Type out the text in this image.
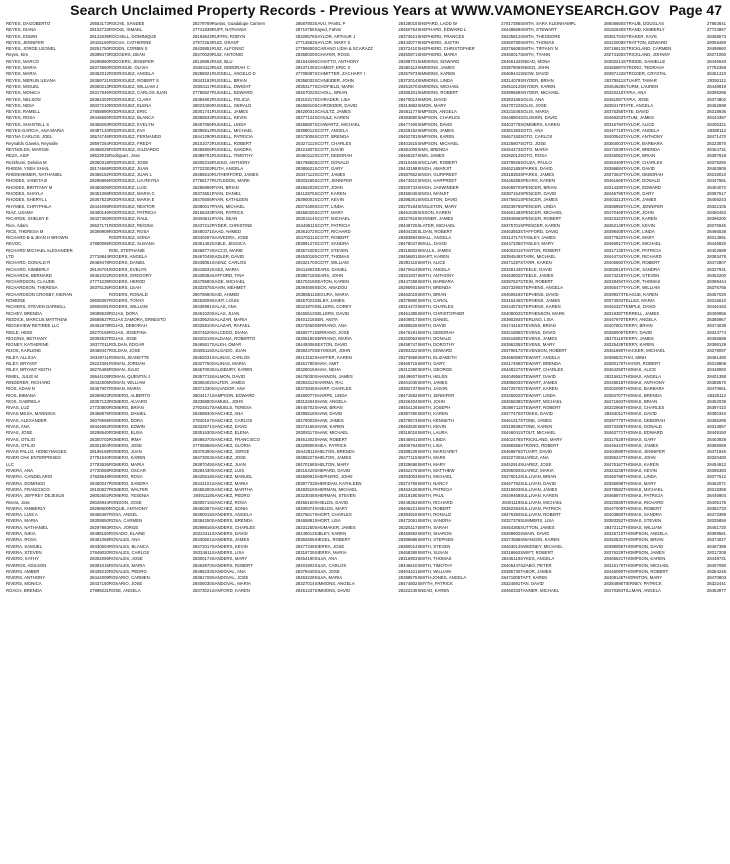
Search Unclaimed Property Records - Previous Years at WWW.VAMONEYSEARCH.GOV Page 47
REYES, DAGOBERTO	28553173
REYES, DIANA	28102733
REYES, EDWIN	28122639
REYES, JENNIFER	28181150
REYES, JORGE LEONEL	28251750
Reyes, Kim	28398473
REYES, MARCO	28288860
REYES, MARIA	28373860
REYES, MARIA	28452012
REYES, MERLIN ILEANA	28358721
REYES, MIGUEL	28360213
REYES, MONICA	28317945
REYES, NELSON	28384302
REYES, NIDIA	28327210
REYES, RAMELL	27858890
REYES, ROSA	28448650
REYES, SHANTELL S	28459293
REYES-GARCIA, ANA MARIA	28487134
REYNA CARLOS, JOEL	28574746
Reynalds Gavela, Reynalle	28597264
REYNOLDS, MARGIE	28458029
REZA, ASIF	28523015
Rezkhumi, Delsina M	28360318
RHEEM, YSEH SHAIL	28174669
RHEINHEIMER, NATHANIEL	28468152
RHODES, VANETA B	28296866
RHODES, BRITTANY M	28450506
RHODES, SHAYLA	28451058
RHODES, SHERYL L	28367523
RHYMES, CHRYPHILA	28444098
RIAZ, USAMA	28490146
RICARDE, SHELBY E	28427350
Rice, Adam	28627171
RICE, THERESA M	28369908
RICHARD B & JEAN H BROWN
REVOC	27880086
RICHARD MICHAEL ALEXANDER
LTD	27719844
RICHARD, DONALD R	28469478
RICHARD, KIMBERLY	28129701
RICHARDS, BERNARD	28451022
RICHARDSON, CLAUDE	27774239
RICHARDSON, THERESA	28375136
RICHARDSON CROSBY, KIERAN
ROMONE	28608387
RICHERS, STEVEN DARNELL	28608281
RICHEY, BRENDA	28088528
RIDDICK, MARCUS MATTHEW	28588837
RIDGEVIEW RETIREE LLC	28454878
RIDLE, HEIDI	28270159
RIGGINS, BETHANY	28393537
RIGNEY, KATHERINE	28377011
RIJOS, KARLENE	28468447
RILEY, ALLICIA	28349711
RILEY, BRYANT	28223381
RILEY, BRYANT KEITH	28276465
RIMEL, JULIE M	28644108
RINDERER, RICHARD	28442505
RIOS, ADAN N	28467907
RIOS, BIBIANA	28369823
RIOS, GABRIELA	28357123
RIVAS, LUZ	27720800
RIVAS MEJIA, MANNIXIA	28468876
RIVAS, ALEXANDER	28079565
RIVAS, ANA	28444652
RIVAS, JOSE	28288640
RIVAS, OTILIO	28300702
RIVAS, OTILIO	28301804
RIVAS PALLO, HONEYMAGES	28199158
RIVER OAK ENTERPRISES	27781540
LLC	27783836
RIVERA, ANA	27720068
RIVERA, CANDELARIO	27829548
RIVERA, DOMINGO	28450047
RIVERA, FRANCISCO	28100827
RIVERA, JEFFREY DEJESUS	28002602
Rivera, Jose	28026944
RIVERA, KIMBERLY	28298600
RIVERA, LUIS A	28456487
RIVERA, MARIA	28308850
RIVERA, NATHANIEL	28297863
RIVERA, NIKIA	28498150
RIVERA, ROSA	28491068
RIVERA, SAMUEL	28430604
RIVERA, STEVEN	27849020
RIVERO, KATHY	28302069
RIVEROS, ADILSON	28381016
RIVERS, AMBER	28439210
RIVERS, ANTHONY	28444009
RIVERS, MONICA	28437150
ROACH, BRENDA	27998231
ROCHE, SANDEE	28279769
ROCKE, ISMAEL	27741838
ROCHELL, DOMINIQUE	28193843
ROCHA, CATHERINE	27972263
RODEN, CORBIN S	28428851
RODGERS, DEAN	28470029
RODGERS, JENNIFER	28128862
RODRIGUE, OLIVIA	28384113
RODRIGUEZ, ANGELA	28288821
RODRIGUEZ, ROBERT S	28343192
RODRIGUEZ, WILLIAM J	28384117
RODRIGUEZ, CARLOS JUAN	27785927
RODRIGUEZ, CLARA	28384802
RODRIGUEZ, ELENA	28023406
RODRIGUEZ, ERIC	28301741
RODRIGUEZ, BLANCA	28358533
RODRIGUEZ, EVELYN	28467056
RODRIGUEZ, EVA	28395812
RODRIGUEZ, FERNANDO	28441290
RODRIGUEZ, FREDY	28101072
RODRIGUEZ, GILDARDO	28468806
Rodriguez, Jose	28389701
RODRIGUEZ, JOSE	28406315
RODRIGUEZ, JUAN	27722303
RODRIGUEZ, JUAN L	28485510
RODRIGUEZ, LIA REYNA	27756177
RODRIGUEZ, LUIS	28285866
RODRIGUEZ, MARIA C	28372651
RODRIGUEZ, MARIA E	28475606
RODRIGUEZ, NESTOR	28390017
RODRIGUEZ, PATRICIA	28158433
RODRIGUEZ, RAUL	28494611
RODRIGUEZ, REGINA	28437212
RODRIGUEZ, ROSA	28480371
RODRIGUEZ, SONIA	28340287
RODRIGUEZ, SUSANA	28351462
ROE, STEPHANIE	28468774
ROGERS, ANGELA	28467049
ROGERS, DANIEL	28438051
ROGERS, EVELYN	28418532
ROGERS, GREGORY	28435084
ROGERS, HEROD	28478580
ROGERS, LEAH	28332875
ROGERS, RONALD	28078660
ROGERS, TONYA	28263009
ROGERS, WILLIAM	28436981
ROJAS, DORA	28461020
ROJAS ZAMORA, ERNESTO	28439625
ROJAS, DEBORAH	28325810
ROJAS, JOSEFINA	28374620
ROJAS, JOSE	28420218
ROLDAN, EDGAR	28465817
ROLDAN, JOSE	28485116
ROMAN, JEANETTE	28452031
ROMAN, JORDAN	28327750
ROMAN, JULIO	28467003
ROMAN, QUENTIN J	28357715
ROMAN, WILLIAM	28308402
ROMAN, MARIA	28371330
ROMERO, ALBERTO	28044171
ROMERO, ALVARO	28336880
ROMERO, BRIAN	27924817
ROMERO, DANIEL	28458830
ROMERO, DORA	27830167
ROMERO, EDWIN	28332671
ROMERO, ELISA	28351630
ROMERO, IRMA	28486370
ROMERO, JOSE	27705866
ROMERO, JUAN	28376390
ROMERO, KAREN	28473003
ROMERO, MARIA	28387045
ROMERO, OSCAR	28284430
ROMERO, ROSA	28425618
ROMERO, SANDRA	28442101
ROMERO, WALTER	28455300
ROMERO, YESENIA	28491118
RONDON, JOSE	28305716
ROQUE, ANTHONY	28460287
ROSA, ANGEL	28490015
ROSA, CARMEN	28384250
ROSA, JORGE	28298816
ROSADO, ELAINE	28322411
ROSALES, ANA	28430601
ROSALES, BLANCA	28472017
ROSALES, CARLOS	28324611
ROSALES, JOSE	28300174
ROSALES, MARIA	28463870
ROSALES, PEDRO	28495233
ROSARIO, CARMEN	28381708
ROSARIO, JOSE	28406030
ROSE, ANGELA	28373021
Ruelas, Guadalupe Carmen	28587803
RUFF, NATHANIA	28710755
RUFFIN, ROBYN	28328578
RUIZ, GRANT	27713563
RUIZ, ALFONSO	27756850
RUIZ, ANTONIO	28358029
RUIZ, BLU	28164449
RUIZ, DEBORAH C	28437145
RUSSELL, ANGELO D	27708087
RUSSELL, BRIAN	28358032
RUSSELL, DWIGHT	28353177
RUSSELL, EDWARD	28467022
RUSSELL, FELICIA	28310217
RUSSELL, GERALD	28465910
RUSSELL, JAMES	28420031
RUSSELL, KEVIN	28377124
RUSSELL, LINDA	28458807
RUSSELL, MICHAEL	28399012
RUSSELL, PATRICIA	28373006
RUSSELL, ROBERT	28327112
RUSSELL, SANDRA	28421807
RUSSELL, TIMOTHY	28460112
RUSSO, ANTHONY	28478850
RUTH, ANGELA	28380621
RUTHERFORD, JAMES	28347113
RUTLEDGE, MARK	28303260
RYAN, BRIAN	28465203
RYAN, DANIEL	28412875
RYAN, KATHLEEN	28390001
RYAN, MICHAEL	28374408
RYAN, PATRICK	28458320
RYAN, SEAN	28304114
RYDER, CHRISTINE	28449911
SAAD, AHMED	28361072
SAAVEDRA, JOSE	28470211
SABLE, JESSICA	28399127
SACCO, MARIE	28367220
SADLER, DAVID	28453018
SAENZ, CARLOS	28332170
SAEZ, MARIA	28411862
SAFFORD, TINA	28380716
SAGE, MICHAEL	28470319
SAHIN, MEHMET	28394508
SAID, AHMED	28388511
SAINT, LOUIS	28457022
SALAS, ANA	28321870
SALAS, JUAN	28465513
SALAZAR, MARIA	28401216
SALAZAR, RAFAEL	28372650
SALCEDO, DIANA	28480771
SALDANA, ROBERTO	28305190
SALEH, OMAR	28449306
SALGADO, JUAN	28384470
SALINAS, CARLOS	28413152
SALINAS, MARIA	28461780
SALISBURY, KAREN	28328016
SALMON, DAVID	28476030
SALTER, JAMES	28393312
SALVADOR, ANA	28372845
SAMPSON, EDWARD	28460077
SAMUEL, JOHN	28312264
SAMUELS, TERESA	28445702
SANCHEZ, ANA	28395518
SANCHEZ, CARLOS	28479003
SANCHEZ, DAVID	28374166
SANCHEZ, ELENA	28308117
SANCHEZ, FRANCISCO	28461402
SANCHEZ, GLORIA	28329905
SANCHEZ, JORGE	28442811
SANCHEZ, JOSE	28385227
SANCHEZ, JUAN	28470158
SANCHEZ, LUIS	28316420
SANCHEZ, MANUEL	28450691
SANCHEZ, MARIA	28397733
SANCHEZ, MARTHA	28482519
SANCHEZ, PEDRO	28323048
SANCHEZ, ROSA	28458160
SANCHEZ, SONIA	28409374
SANDERS, ANGELA	28376617
SANDERS, BRENDA	28465881
SANDERS, CHARLES	28331250
SANDERS, DAVID	28449013
SANDERS, JAMES	28392606
SANDERS, KEVIN	28477349
SANDERS, LISA	28318725
SANDERS, MARY	28454190
SANDERS, ROBERT	28401902
SANDOVAL, ANA	28379440
SANDOVAL, JOSE	28463228
SANDOVAL, MARIA	28327014
SANFORD, KAREN	28451337
SAVU, PAVEL P	28428019
Sayed, Fahmi	28450764
SAYLOR, ARTHUR J	28373621
SAYLOR, MARY S	28444077
SCARANO LIDIA & SCARAZZ	28372410
SCHAFER, ROSS	28450871
SCHIATTO, ANTHONY	28288701
SCHMIDT, ERIC S	28360112
SCHMITTER, ZACHARY I	28257973
SCHNEIDER, JOHN	28372014
SCHOFIELD, MARK	28451670
SCHOLL, BRIAN	28385201
SCHRADER, LISA	28470013
SCHROEDER, DAVID	28314862
SCHULTZ, JAMES	28461177
SCHULZ, KAREN	28393880
SCHWARTZ, MICHAEL	28477406
SCOTT, ANGELA	28329152
SCOTT, BRENDA	28452781
SCOTT, CHARLES	28401615
SCOTT, DAVID	28381009
SCOTT, DEBORAH	28466327
SCOTT, DONALD	28310455
SCOTT, GARY	28443198
SCOTT, JAMES	28387562
SCOTT, JENNIFER	28473910
SCOTT, JOHN	28320733
SCOTT, KAREN	28455046
SCOTT, KEVIN	28398261
SCOTT, LINDA	28370184
SCOTT, MARY	28461539
SCOTT, MICHAEL	28327618
SCOTT, PATRICIA	28449725
SCOTT, RICHARD	28404330
SCOTT, ROBERT	28383894
SCOTT, SANDRA	28478047
SCOTT, STEVEN	28315502
SCOTT, THOMAS	28456801
SCOTT, WILLIAM	28392116
SEARS, DANIEL	28470624
SEARS, JOHN	28331937
SEATON, KAREN	28447258
SECK, AMADOU	28395601
SEGURA, MARIA	28462019
SELBY, JAMES	28378860
SELLERS, COREY	28314472
SELLERS, DAVID	28451385
SEN, ANITA	28409817
SERRANO, ANA	28385526
SERRANO, JOSE	28476191
SERRANO, MARIA	28320063
SEXTON, DAVID	28458747
SEYMOUR, JOHN	28394322
SHAFFER, KAREN	28373958
SHAH, AMIT	28466715
SHAH, NEHA	28312380
SHANNON, JAMES	28449607
SHARMA, RAJ	28401045
SHARP, CHARLES	28382737
SHARPE, LINDA	28471582
SHAW, ANGELA	28326404
SHAW, BRIAN	28454129
SHAW, DAVID	28397290
SHAW, JAMES	28379573
SHAW, KAREN	28462830
SHAW, MICHAEL	28318016
SHAW, ROBERT	28445941
SHEA, PATRICK	28405764
SHELTON, BRENDA	28388239
SHELTON, JAMES	28477115
SHELTON, MARY	28329698
SHEPARD, DAVID	28452476
SHEPHERD, JOHN	28393003
SHERIDAN, KATHLEEN	28374759
SHERMAN, MICHAEL	28463426
SHERMAN, STEVEN	28319180
SHIELDS, DAVID	28448363
SHIELDS, MARY	28406221
SHORT, CHARLES	28384918
SHORT, LISA	28472051
SHUMAKER, JAMES	28325117
SIBLEY, KAREN	28450592
SIEGEL, ROBERT	28396886
SIERRA, JOSE	28380014
SIERRA, MARIA	28468389
SILVA, ANA	28316903
SILVA, CARLOS	28446610
SILVA, JOSE	28403421
SILVA, MARIA	28389575
SIMMONS, ANGELA	28474802
SIMMONS, DAVID	28322249
SHEPARD, LADD W	27917386
SHEPHARD, EDWARD L	28448659
SHEPHERD, FRANCES	28435812
SHEPHERD, JUSTIN	28360780
SHEPHERD, CHRISTOPHER	28376608
SHEPHERD, MARIA	28450017
SIMMONS, EDWARD	28455134
SIMMONS, JAMES	28387806
SIMMONS, KAREN	28469441
SIMMONS, LINDA	28314079
SIMMONS, MICHAEL	28451012
SIMMONS, ROBERT	28399658
SIMON, DAVID	28383165
SIMON, MARY	28470722
SIMPSON, ANGELA	28321546
SIMPSON, CHARLES	28448904
SIMPSON, DAVID	28403778
SIMPSON, JAMES	28381383
SIMPSON, KAREN	28467150
SIMPSON, MICHAEL	28326807
SIMS, BRENDA	28454473
SIMS, JAMES	28392012
SINCLAIR, ROBERT	28378926
SINGH, AMARJIT	28462185
SINGH, GURPREET	28318354
SINGH, HARPREET	28445286
SINGH, JASWINDER	28406870
SINGH, MANJIT	28387154
SINGLETON, DAVID	28475921
SINGLETON, MARY	28323676
SISSON, KAREN	28450148
SKINNER, JAMES	28394966
SLATER, MICHAEL	28375701
SLOAN, ROBERT	28463553
SMALL, ANGELA	28314717
SMALL, DAVID	28447335
SMALLS, JAMES	28400201
SMART, KAREN	28384549
SMITH, ALICE	28471297
SMITH, ANGELA	28328143
SMITH, ANTHONY	28453802
SMITH, BARBARA	28397627
SMITH, BRENDA	28373290
SMITH, BRIAN	28460919
SMITH, CAROL	28316445
SMITH, CHARLES	28444573
SMITH, CHRISTOPHER	28408002
SMITH, DANIEL	28390284
SMITH, DAVID	28474416
SMITH, DEBORAH	28321885
SMITH, DONALD	28451690
SMITH, DOROTHY	28396335
SMITH, EDWARD	28379817
SMITH, ELIZABETH	28465059
SMITH, GARY	28317489
SMITH, GEORGE	28448227
SMITH, HELEN	28404956
SMITH, JAMES	28386603
SMITH, JASON	28472570
SMITH, JENNIFER	28325002
SMITH, JOHN	28455838
SMITH, JOSEPH	28398711
SMITH, KAREN	28377470
SMITH, KENNETH	28461317
SMITH, KEVIN	28319938
SMITH, LAURA	28446041
SMITH, LINDA	28402478
SMITH, LISA	28388356
SMITH, MARGARET	28469876
SMITH, MARK	28322730
SMITH, MARY	28452914
SMITH, MATTHEW	28395050
SMITH, MICHAEL	28376012
SMITH, NANCY	28467792
SMITH, PATRICIA	28315933
SMITH, PAUL	28449468
SMITH, RICHARD	28401119
SMITH, ROBERT	28382294
SMITH, RONALD	28476350
SMITH, SANDRA	28327376
SMITH, SARAH	28454365
SMITH, SHARON	28399902
SMITH, STEPHEN	28374586
SMITH, STEVEN	28463014
SMITH, SUSAN	28318662
SMITH, THOMAS	28445119
SMITH, TIMOTHY	28406447
SMITH, WILLIAM	28385730
SMITH-JONES, ANGELA	28471805
SMYTH, PATRICK	28324591
SNEAD, KAREN	28450333
SMITH, SARA KLEINHAMPL	28608660
SMITH, STEWART	28182640
SMITH, THEODORE	28381704
SMITH, THOMAS	28422008
SMITH, TIFFANY N	28719613
SMITH, TYANN	28274160
SNEAD, MONA	28382214
SNEED, JOHN	28455987
SNOW, DAVID	28397143
SNYDER, BRIAN	28378511
SNYDER, KAREN	28464628
SNYDER, MICHAEL	28320216
SOLIS, ANA	28451557
SOLIS, JOSE	28394179
SOLIS, MARIA	28375358
SOLOMON, DAVID	28468203
SOMMERS, KAREN	28316794
SOTO, ANA	28447716
SOTO, CARLOS	28400542
SOTO, JOSE	28384003
SOTO, MARIA	28472938
SOTO, ROSA	28326052
SOUZA, PAULO	28453469
SPARKS, DAVID	28396884
SPARKS, JAMES	28373637
SPEARS, KAREN	28461665
SPENCER, BRIAN	28314280
SPENCER, DAVID	28446795
SPENCER, JAMES	28403213
SPENCER, LINDA	28386950
SPENCER, MICHAEL	28470469
SPENCER, ROBERT	28323323
SPRINGER, KAREN	28452148
STAFFORD, DAVID	28398408
STANLEY, JAMES	28377823
STANLEY, MARY	28466917
STANTON, ROBERT	28317135
STARK, MICHAEL	28444734
STARR, KAREN	28405692
STEELE, DAVID	28382618
STEELE, JAMES	28473218
STEIN, ROBERT	28328494
STEPHENS, ANGELA	28455477
STEPHENS, DAVID	28399374
STEPHENS, JAMES	28374934
STEPHENS, KAREN	28462327
STEPHENSON, MARK	28319387
STERLING, LISA	28447970
STEVENS, BRIAN	28407801
STEVENS, DAVID	28388009
STEVENS, JAMES	28470116
STEVENS, MARY	28325429
STEVENSON, ROBERT	28451890
STEWART, ANGELA	28396531
STEWART, BRENDA	28380176
STEWART, CHARLES	28464250
STEWART, DAVID	28315811
STEWART, JAMES	28448518
STEWART, KAREN	28402095
STEWART, LINDA	28384707
STEWART, MICHAEL	28471693
STEWART, ROBERT	28322966
STOKES, DAVID	28454011
STONE, JAMES	28397775
STONE, KAREN	28373286
STOUT, MICHAEL	28463771
STRICKLAND, MARY	28317528
STRONG, ROBERT	28446443
STUART, DAVID	28404599
SUAREZ, ANA	28386247
SUAREZ, JOSE	28475167
SUAREZ, MARIA	28324238
SULLIVAN, BRIAN	28450795
SULLIVAN, DAVID	28395698
SULLIVAN, JAMES	28378582
SULLIVAN, KAREN	28468974
SULLIVAN, MICHAEL	28320569
SULLIVAN, PATRICK	28447009
SULLIVAN, ROBERT	28403860
SUMMERS, LISA	28383352
SUTTON, JAMES	28472112
SWAIN, DAVID	28326710
SWANSON, KAREN	28452531
SWEENEY, MICHAEL	28398055
SWIFT, ROBERT	28376229
SYKES, ANGELA	28465621
SZABO, PETER	28316176
TABOR, JAMES	28445090
TAFT, KAREN	28408146
TAN, DAVID	28384890
TANNER, MICHAEL	28470364
STRAUB, DOUGLAS	27883641
STRAND, KIMBERLY	27723867
STRAKER, KAYE	28458573
STRATTON, EDWARD	28058480
STRICKLAND, CARMEN	28498660
STRICKLAND, JOHNNY	28371060
STRIDDE, DANIELLE	28446640
STRONG, TEDRAHA	27752358
STROZIER, CRYSTAL	28451310
STUART, TAMAR	28392112
STURM, LAUREN	28448919
TAPIA, ANA	28399286
TAPIA, JOSE	28374802
TATE, ANGELA	28462698
TATE, DAVID	28318936
TATUM, JAMES	28444357
TAYLOR, ALICE	28405321
TAYLOR, ANGELA	28385112
TAYLOR, ANTHONY	28471470
TAYLOR, BARBARA	28323870
TAYLOR, BRENDA	28454731
TAYLOR, BRIAN	28397918
TAYLOR, CHARLES	28379250
TAYLOR, DAVID	28463905
TAYLOR, DEBORAH	28318010
TAYLOR, DONALD	28447581
TAYLOR, EDWARD	28404072
TAYLOR, GARY	28387617
TAYLOR, JAMES	28469243
TAYLOR, JENNIFER	28322105
TAYLOR, JOHN	28450462
TAYLOR, KAREN	28396200
TAYLOR, KEVIN	28375946
TAYLOR, LINDA	28466538
TAYLOR, MARY	28314991
TAYLOR, MICHAEL	28445826
TAYLOR, PATRICIA	28402689
TAYLOR, RICHARD	28383478
TAYLOR, ROBERT	28472807
TAYLOR, SANDRA	28327931
TAYLOR, STEVEN	28453200
TAYLOR, THOMAS	28399444
TAYLOR, WILLIAM	28376765
TEAGUE, KAREN	28467020
TELLEZ, MARIA	28316610
TEMPLE, DAVID	28446183
TERRELL, JAMES	28406956
TERRY, ANGELA	28385967
TERRY, BRIAN	28474038
TERRY, DAVID	28324774
TERRY, JAMES	28455586
TERRY, KAREN	28398129
THACKER, MICHAEL	28378097
THAI, MINH	28461480
THAYER, ROBERT	28319806
THOMAS, ALICE	28448060
THOMAS, ANGELA	28401388
THOMAS, ANTHONY	28388570
THOMAS, BARBARA	28470651
THOMAS, BRENDA	28326112
THOMAS, BRIAN	28452039
THOMAS, CHARLES	28397410
THOMAS, DAVID	28380343
THOMAS, DEBORAH	28465285
THOMAS, DONALD	28313657
THOMAS, EDWARD	28449150
THOMAS, GARY	28403928
THOMAS, JAMES	28386069
THOMAS, JENNIFER	28471946
THOMAS, JOHN	28320480
THOMAS, KAREN	28454612
THOMAS, KEVIN	28395383
THOMAS, LINDA	28377512
THOMAS, MARY	28462071
THOMAS, MICHAEL	28318359
THOMAS, PATRICIA	28446904
THOMAS, RICHARD	28405176
THOMAS, ROBERT	28382733
THOMAS, SANDRA	28473389
THOMAS, STEVEN	28325856
THOMAS, WILLIAM	28451720
THOMPSON, ANGELA	28399581
THOMPSON, BRIAN	28374027
THOMPSON, DAVID	28467389
THOMPSON, JAMES	28317205
THOMPSON, KAREN	28448731
THOMPSON, MICHAEL	28407090
THOMPSON, ROBERT	28384245
THORNTON, MARY	28470803
TIERNEY, PATRICK	28322441
TILLMAN, ANGELA	28453977
